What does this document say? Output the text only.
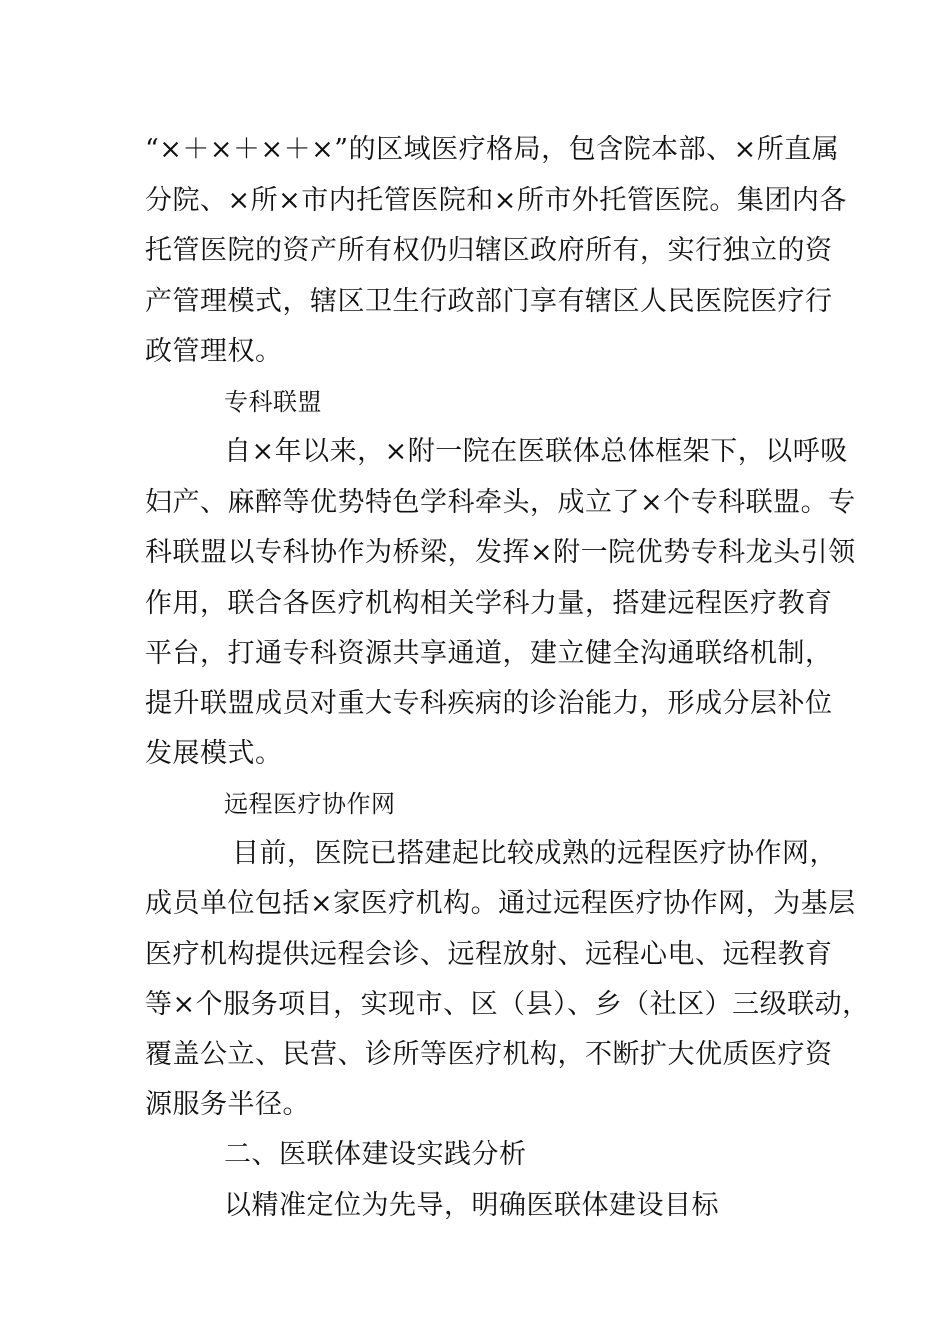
“×＋×＋×＋×”的区域医疗格局，包含院本部、×所直属

分院、×所×市内托管医院和×所市外托管医院。集团内各

托管医院的资产所有权仍归辖区政府所有，实行独立的资

产管理模式，辖区卫生行政部门享有辖区人民医院医疗行

政管理权。

专科联盟

自×年以来，×附一院在医联体总体框架下，以呼吸

妇产、麻醉等优势特色学科牵头，成立了×个专科联盟。专

科联盟以专科协作为桥梁，发挥×附一院优势专科龙头引领

作用，联合各医疗机构相关学科力量，搭建远程医疗教育

平台，打通专科资源共享通道，建立健全沟通联络机制，

提升联盟成员对重大专科疾病的诊治能力，形成分层补位

发展模式。

远程医疗协作网

目前，医院已搭建起比较成熟的远程医疗协作网，

成员单位包括×家医疗机构。通过远程医疗协作网，为基层

医疗机构提供远程会诊、远程放射、远程心电、远程教育

等×个服务项目，实现市、区（县）、乡（社区）三级联动，

覆盖公立、民营、诊所等医疗机构，不断扩大优质医疗资

源服务半径。

二、医联体建设实践分析

以精准定位为先导，明确医联体建设目标
